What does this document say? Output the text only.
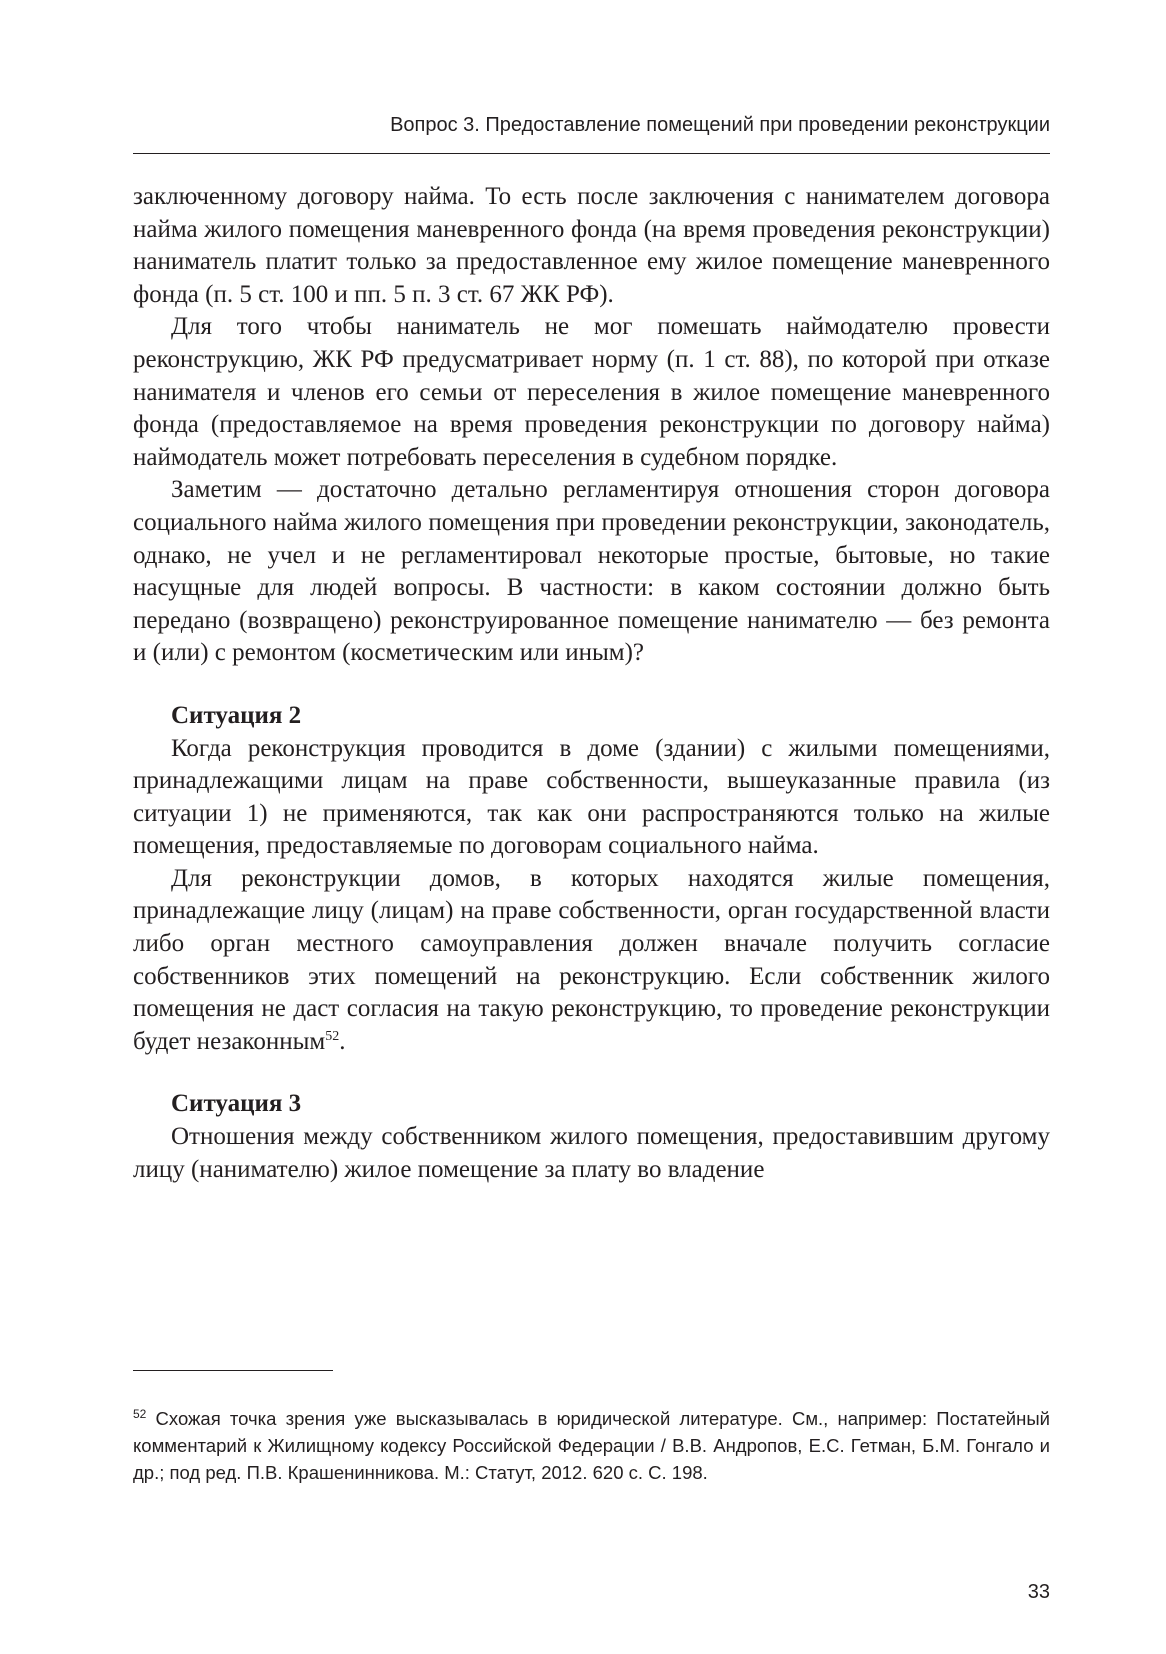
Вопрос 3. Предоставление помещений при проведении реконструкции

заключенному договору найма. То есть после заключения с нанимателем договора найма жилого помещения маневренного фонда (на время проведения реконструкции) наниматель платит только за предоставленное ему жилое помещение маневренного фонда (п. 5 ст. 100 и пп. 5 п. 3 ст. 67 ЖК РФ).

Для того чтобы наниматель не мог помешать наймодателю провести реконструкцию, ЖК РФ предусматривает норму (п. 1 ст. 88), по которой при отказе нанимателя и членов его семьи от переселения в жилое помещение маневренного фонда (предоставляемое на время проведения реконструкции по договору найма) наймодатель может потребовать переселения в судебном порядке.

Заметим — достаточно детально регламентируя отношения сторон договора социального найма жилого помещения при проведении реконструкции, законодатель, однако, не учел и не регламентировал некоторые простые, бытовые, но такие насущные для людей вопросы. В частности: в каком состоянии должно быть передано (возвращено) реконструированное помещение нанимателю — без ремонта и (или) с ремонтом (косметическим или иным)?

Ситуация 2

Когда реконструкция проводится в доме (здании) с жилыми помещениями, принадлежащими лицам на праве собственности, вышеуказанные правила (из ситуации 1) не применяются, так как они распространяются только на жилые помещения, предоставляемые по договорам социального найма.

Для реконструкции домов, в которых находятся жилые помещения, принадлежащие лицу (лицам) на праве собственности, орган государственной власти либо орган местного самоуправления должен вначале получить согласие собственников этих помещений на реконструкцию. Если собственник жилого помещения не даст согласия на такую реконструкцию, то проведение реконструкции будет незаконным$^{52}$.

Ситуация 3

Отношения между собственником жилого помещения, предоставившим другому лицу (нанимателю) жилое помещение за плату во владение

$^{52}$ Схожая точка зрения уже высказывалась в юридической литературе. См., например: Постатейный комментарий к Жилищному кодексу Российской Федерации / В.В. Андропов, Е.С. Гетман, Б.М. Гонгало и др.; под ред. П.В. Крашенинникова. М.: Статут, 2012. 620 с. С. 198.

33
